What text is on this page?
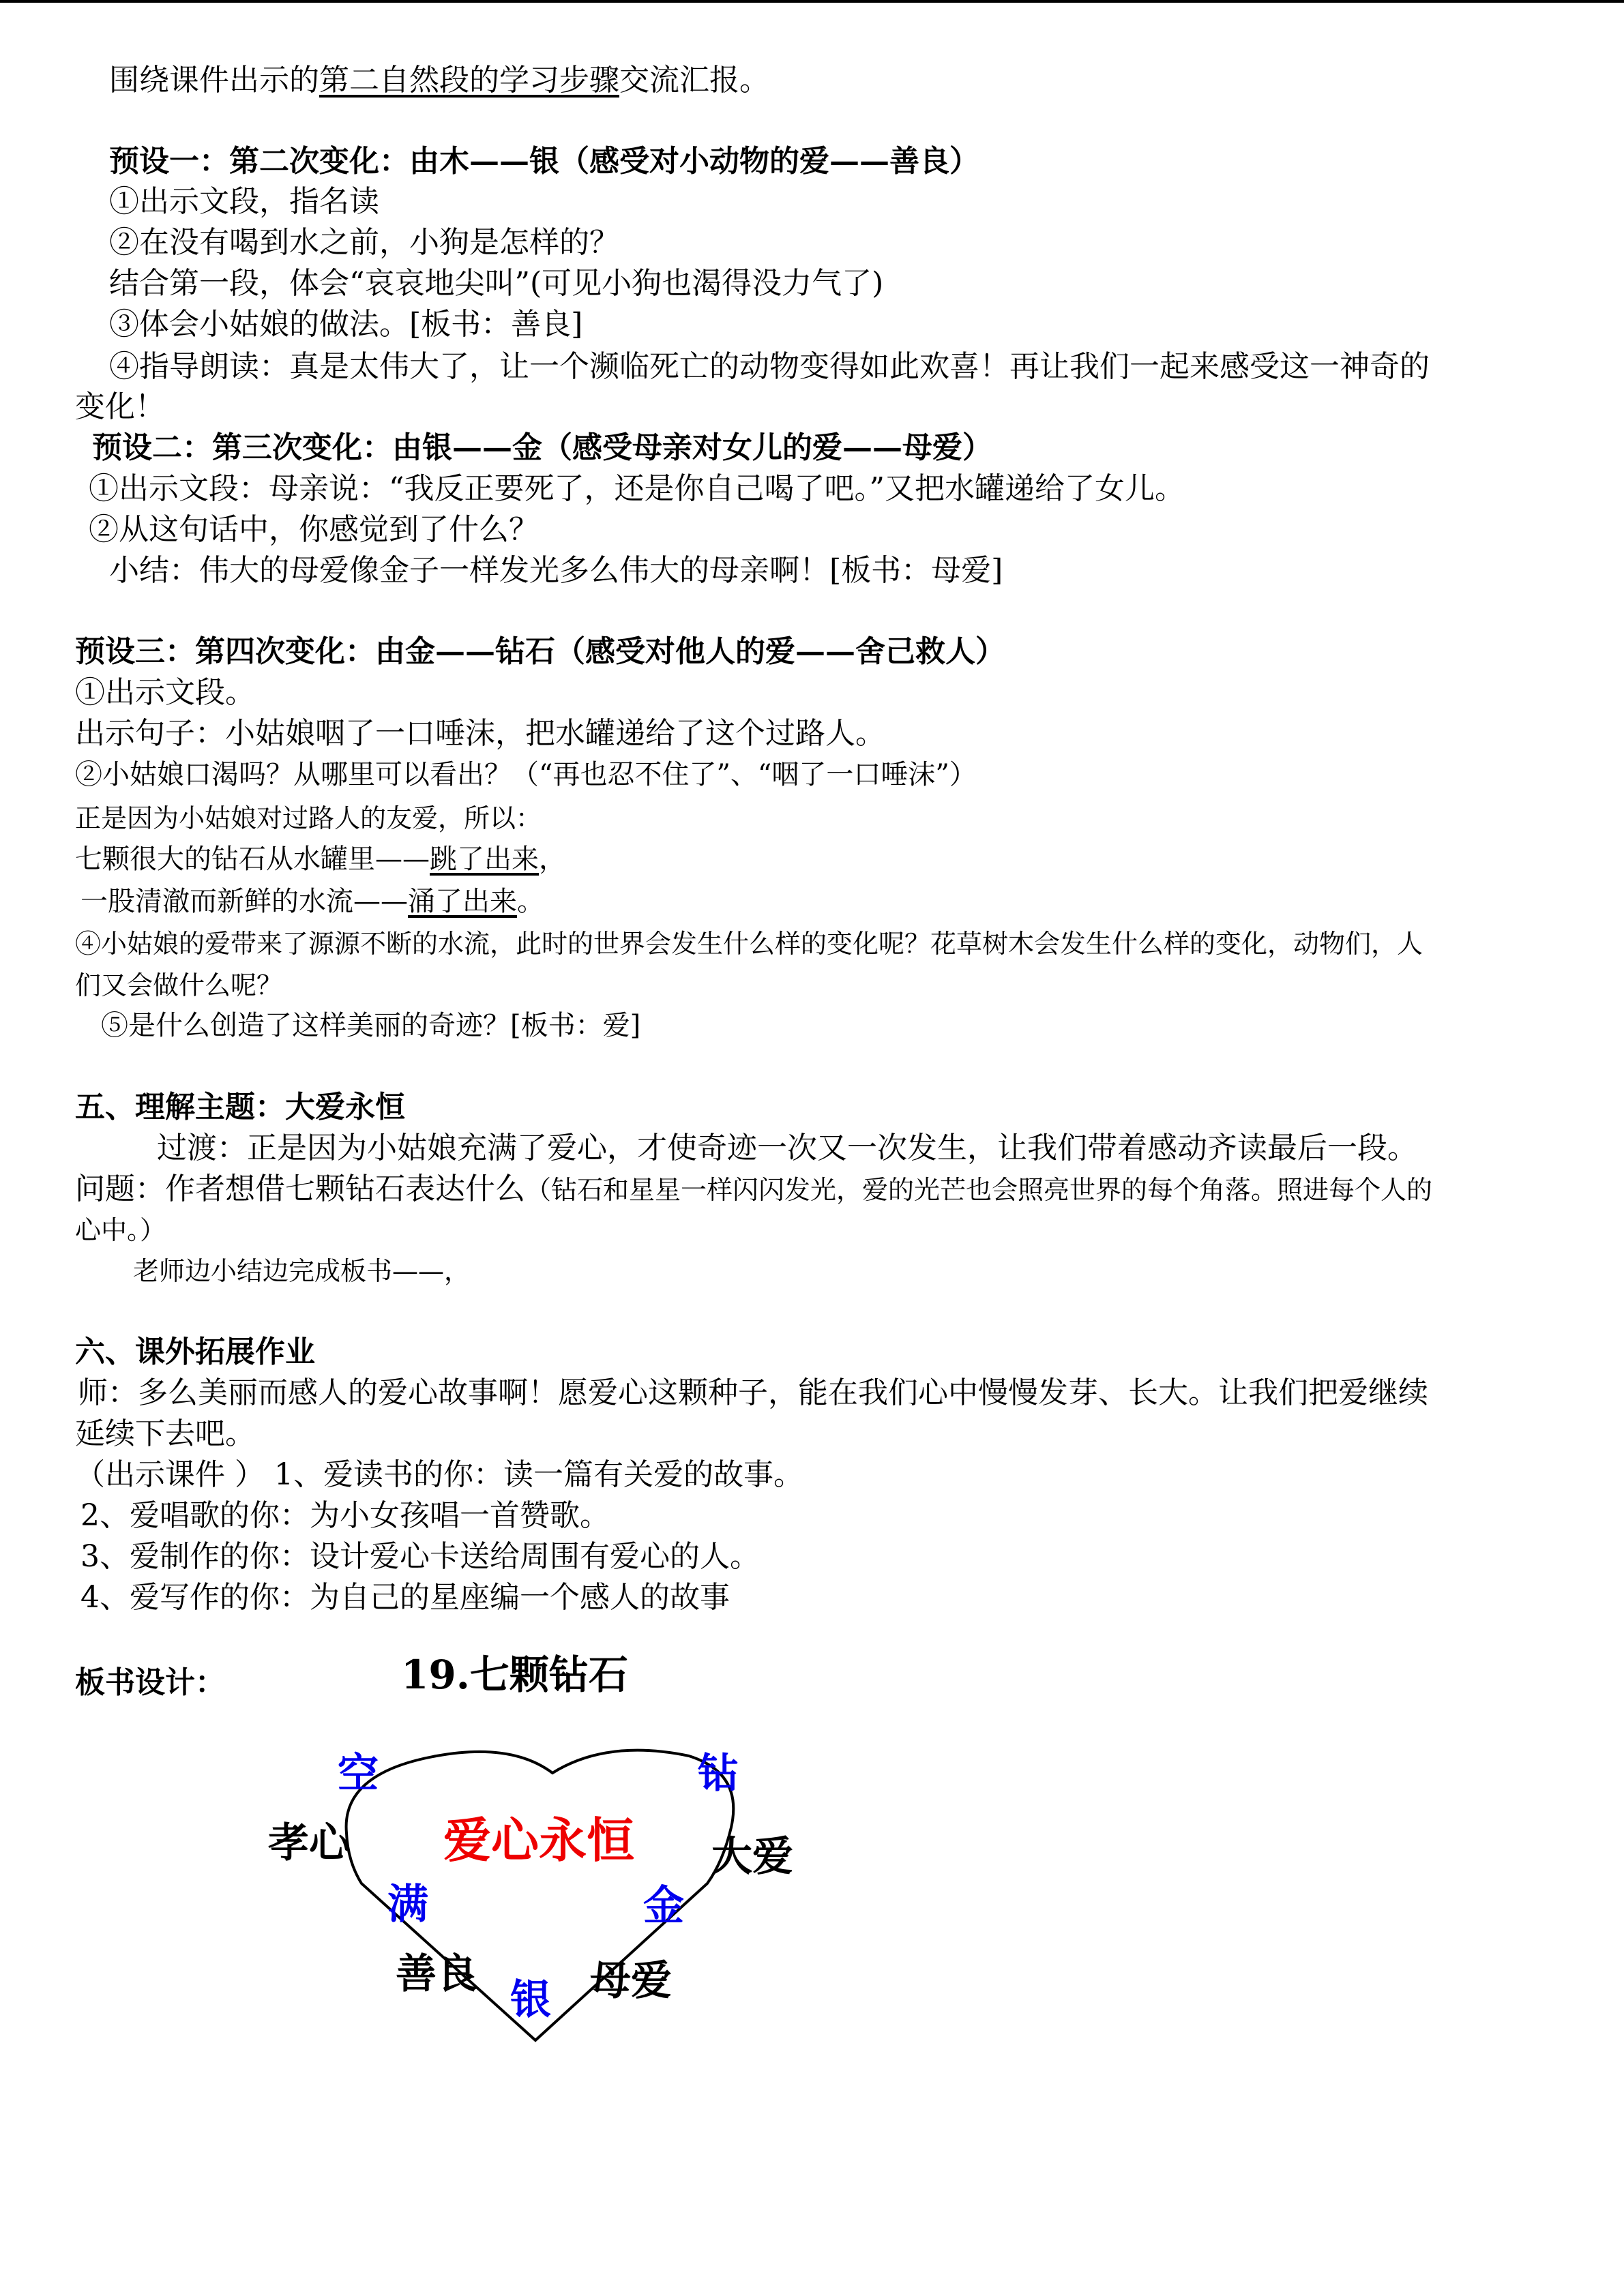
围绕课件出示的第二自然段的学习步骤交流汇报。

预设一：第二次变化：由木——银（感受对小动物的爱——善良）

①出示文段，指名读

②在没有喝到水之前，小狗是怎样的？

结合第一段，体会“哀哀地尖叫”(可见小狗也渴得没力气了)

③体会小姑娘的做法。[板书：善良]

④指导朗读：真是太伟大了，让一个濒临死亡的动物变得如此欢喜！再让我们一起来感受这一神奇的

变化！

预设二：第三次变化：由银——金（感受母亲对女儿的爱——母爱）

①出示文段：母亲说：“我反正要死了，还是你自己喝了吧。”又把水罐递给了女儿。

②从这句话中，你感觉到了什么？

小结：伟大的母爱像金子一样发光多么伟大的母亲啊！[板书：母爱]

预设三：第四次变化：由金——钻石（感受对他人的爱——舍己救人）

①出示文段。

出示句子：小姑娘咽了一口唾沫，把水罐递给了这个过路人。

②小姑娘口渴吗？从哪里可以看出？（“再也忍不住了”、“咽了一口唾沫”）

正是因为小姑娘对过路人的友爱，所以：

七颗很大的钻石从水罐里——跳了出来，

一股清澈而新鲜的水流——涌了出来。

④小姑娘的爱带来了源源不断的水流，此时的世界会发生什么样的变化呢？花草树木会发生什么样的变化，动物们，人

们又会做什么呢？

⑤是什么创造了这样美丽的奇迹？[板书：爱]

五、理解主题：大爱永恒

过渡：正是因为小姑娘充满了爱心，才使奇迹一次又一次发生，让我们带着感动齐读最后一段。

问题：作者想借七颗钻石表达什么（钻石和星星一样闪闪发光，爱的光芒也会照亮世界的每个角落。照进每个人的

心中。）

老师边小结边完成板书——，

六、课外拓展作业

师：多么美丽而感人的爱心故事啊！愿爱心这颗种子，能在我们心中慢慢发芽、长大。让我们把爱继续

延续下去吧。

（出示课件 ） 1、爱读书的你：读一篇有关爱的故事。

2、爱唱歌的你：为小女孩唱一首赞歌。

3、爱制作的你：设计爱心卡送给周围有爱心的人。

4、爱写作的你：为自己的星座编一个感人的故事

板书设计：	19.七颗钻石

爱心永恒

空

满

银

金

钻

孝心

善良	母爱

大爱
